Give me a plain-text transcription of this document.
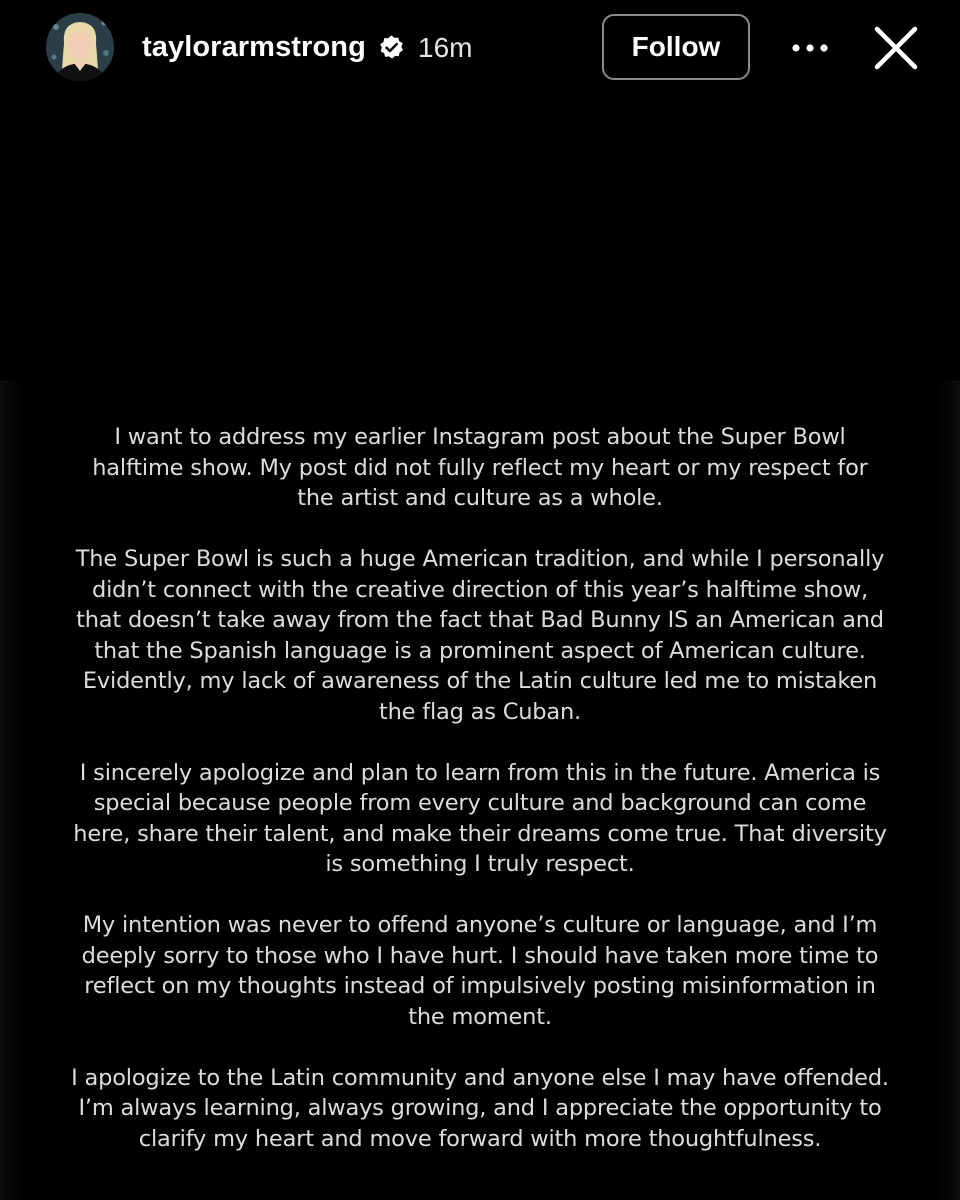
taylorarmstrong 16m	Follow

I want to address my earlier Instagram post about the Super Bowl
halftime show. My post did not fully reflect my heart or my respect for
the artist and culture as a whole.

The Super Bowl is such a huge American tradition, and while I personally
didn’t connect with the creative direction of this year’s halftime show,
that doesn’t take away from the fact that Bad Bunny IS an American and
that the Spanish language is a prominent aspect of American culture.
Evidently, my lack of awareness of the Latin culture led me to mistaken
the flag as Cuban.

I sincerely apologize and plan to learn from this in the future. America is
special because people from every culture and background can come
here, share their talent, and make their dreams come true. That diversity
is something I truly respect.

My intention was never to offend anyone’s culture or language, and I’m
deeply sorry to those who I have hurt. I should have taken more time to
reflect on my thoughts instead of impulsively posting misinformation in
the moment.

I apologize to the Latin community and anyone else I may have offended.
I’m always learning, always growing, and I appreciate the opportunity to
clarify my heart and move forward with more thoughtfulness.
